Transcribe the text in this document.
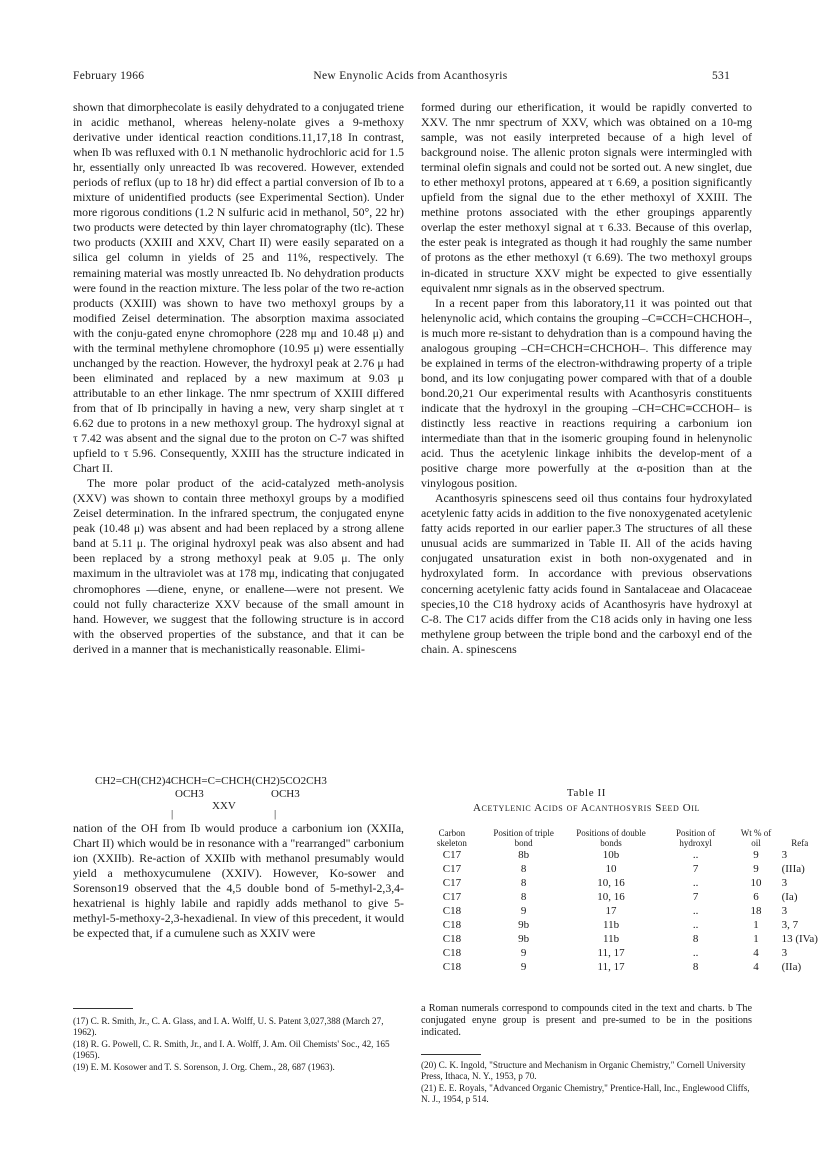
February 1966	New Enynolic Acids from Acanthosyris	531

shown that dimorphecolate is easily dehydrated to a conjugated triene in acidic methanol, whereas heleny-nolate gives a 9-methoxy derivative under identical reaction conditions.11,17,18 In contrast, when Ib was refluxed with 0.1 N methanolic hydrochloric acid for 1.5 hr, essentially only unreacted Ib was recovered. However, extended periods of reflux (up to 18 hr) did effect a partial conversion of Ib to a mixture of unidentified products (see Experimental Section). Under more rigorous conditions (1.2 N sulfuric acid in methanol, 50°, 22 hr) two products were detected by thin layer chromatography (tlc). These two products (XXIII and XXV, Chart II) were easily separated on a silica gel column in yields of 25 and 11%, respectively. The remaining material was mostly unreacted Ib. No dehydration products were found in the reaction mixture. The less polar of the two re-action products (XXIII) was shown to have two methoxyl groups by a modified Zeisel determination. The absorption maxima associated with the conju-gated enyne chromophore (228 mμ and 10.48 μ) and with the terminal methylene chromophore (10.95 μ) were essentially unchanged by the reaction. However, the hydroxyl peak at 2.76 μ had been eliminated and replaced by a new maximum at 9.03 μ attributable to an ether linkage. The nmr spectrum of XXIII differed from that of Ib principally in having a new, very sharp singlet at τ 6.62 due to protons in a new methoxyl group. The hydroxyl signal at τ 7.42 was absent and the signal due to the proton on C-7 was shifted upfield to τ 5.96. Consequently, XXIII has the structure indicated in Chart II.

The more polar product of the acid-catalyzed meth-anolysis (XXV) was shown to contain three methoxyl groups by a modified Zeisel determination. In the infrared spectrum, the conjugated enyne peak (10.48 μ) was absent and had been replaced by a strong allene band at 5.11 μ. The original hydroxyl peak was also absent and had been replaced by a strong methoxyl peak at 9.05 μ. The only maximum in the ultraviolet was at 178 mμ, indicating that conjugated chromophores —diene, enyne, or enallene—were not present. We could not fully characterize XXV because of the small amount in hand. However, we suggest that the following structure is in accord with the observed properties of the substance, and that it can be derived in a manner that is mechanistically reasonable. Elimi-

CH2=CH(CH2)4CHCH=C=CHCH(CH2)5CO2CH3
|	|
OCH3	OCH3
XXV

nation of the OH from Ib would produce a carbonium ion (XXIIa, Chart II) which would be in resonance with a "rearranged" carbonium ion (XXIIb). Re-action of XXIIb with methanol presumably would yield a methoxycumulene (XXIV). However, Ko-sower and Sorenson19 observed that the 4,5 double bond of 5-methyl-2,3,4-hexatrienal is highly labile and rapidly adds methanol to give 5-methyl-5-methoxy-2,3-hexadienal. In view of this precedent, it would be expected that, if a cumulene such as XXIV were

(17) C. R. Smith, Jr., C. A. Glass, and I. A. Wolff, U. S. Patent 3,027,388 (March 27, 1962).

(18) R. G. Powell, C. R. Smith, Jr., and I. A. Wolff, J. Am. Oil Chemists' Soc., 42, 165 (1965).

(19) E. M. Kosower and T. S. Sorenson, J. Org. Chem., 28, 687 (1963).

formed during our etherification, it would be rapidly converted to XXV. The nmr spectrum of XXV, which was obtained on a 10-mg sample, was not easily interpreted because of a high level of background noise. The allenic proton signals were intermingled with terminal olefin signals and could not be sorted out. A new singlet, due to ether methoxyl protons, appeared at τ 6.69, a position significantly upfield from the signal due to the ether methoxyl of XXIII. The methine protons associated with the ether groupings apparently overlap the ester methoxyl signal at τ 6.33. Because of this overlap, the ester peak is integrated as though it had roughly the same number of protons as the ether methoxyl (τ 6.69). The two methoxyl groups in-dicated in structure XXV might be expected to give essentially equivalent nmr signals as in the observed spectrum.

In a recent paper from this laboratory,11 it was pointed out that helenynolic acid, which contains the grouping –C≡CCH=CHCHOH–, is much more re-sistant to dehydration than is a compound having the analogous grouping –CH=CHCH=CHCHOH–. This difference may be explained in terms of the electron-withdrawing property of a triple bond, and its low conjugating power compared with that of a double bond.20,21 Our experimental results with Acanthosyris constituents indicate that the hydroxyl in the grouping –CH=CHC≡CCHOH– is distinctly less reactive in reactions requiring a carbonium ion intermediate than that in the isomeric grouping found in helenynolic acid. Thus the acetylenic linkage inhibits the develop-ment of a positive charge more powerfully at the α-position than at the vinylogous position.

Acanthosyris spinescens seed oil thus contains four hydroxylated acetylenic fatty acids in addition to the five nonoxygenated acetylenic fatty acids reported in our earlier paper.3 The structures of all these unusual acids are summarized in Table II. All of the acids having conjugated unsaturation exist in both non-oxygenated and in hydroxylated form. In accordance with previous observations concerning acetylenic fatty acids found in Santalaceae and Olacaceae species,10 the C18 hydroxy acids of Acanthosyris have hydroxyl at C-8. The C17 acids differ from the C18 acids only in having one less methylene group between the triple bond and the carboxyl end of the chain. A. spinescens

Table II
Acetylenic Acids of Acanthosyris Seed Oil
Carbon skeleton	Position of triple bond	Positions of double bonds	Position of hydroxyl	Wt % of oil	Refa
C17	8b	10b	..	9	3
C17	8	10	7	9	(IIIa)
C17	8	10, 16	..	10	3
C17	8	10, 16	7	6	(Ia)
C18	9	17	..	18	3
C18	9b	11b	..	1	3, 7
C18	9b	11b	8	1	13 (IVa)
C18	9	11, 17	..	4	3
C18	9	11, 17	8	4	(IIa)
a Roman numerals correspond to compounds cited in the text and charts. b The conjugated enyne group is present and pre-sumed to be in the positions indicated.

(20) C. K. Ingold, "Structure and Mechanism in Organic Chemistry," Cornell University Press, Ithaca, N. Y., 1953, p 70.

(21) E. E. Royals, "Advanced Organic Chemistry," Prentice-Hall, Inc., Englewood Cliffs, N. J., 1954, p 514.
